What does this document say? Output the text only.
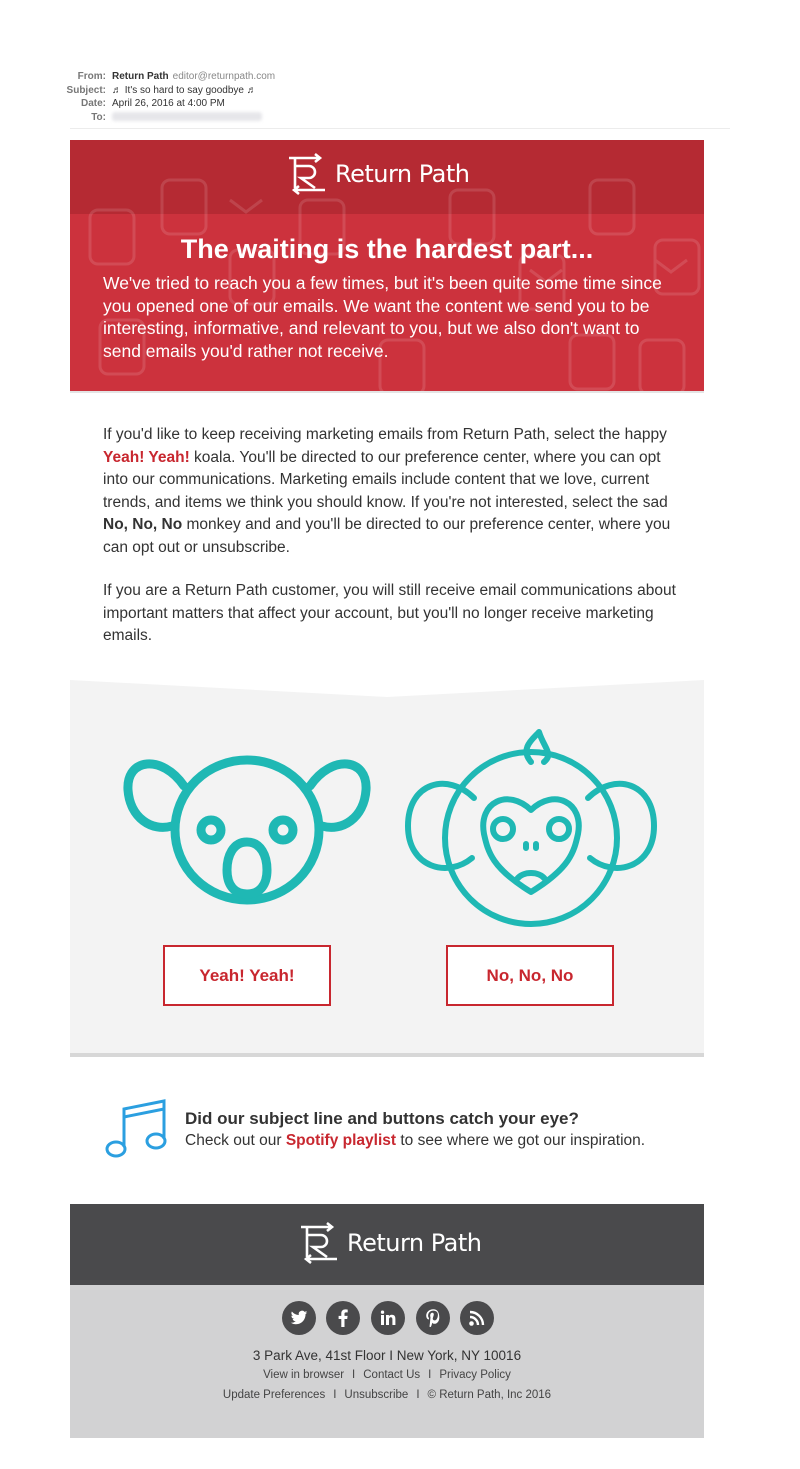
From: Return Path editor@returnpath.com
Subject: ♬ It's so hard to say goodbye ♬
Date: April 26, 2016 at 4:00 PM
To:
Return Path
The waiting is the hardest part...
We've tried to reach you a few times, but it's been quite some time since you opened one of our emails. We want the content we send you to be interesting, informative, and relevant to you, but we also don't want to send emails you'd rather not receive.
If you'd like to keep receiving marketing emails from Return Path, select the happy Yeah! Yeah! koala. You'll be directed to our preference center, where you can opt into our communications. Marketing emails include content that we love, current trends, and items we think you should know. If you're not interested, select the sad No, No, No monkey and and you'll be directed to our preference center, where you can opt out or unsubscribe.
If you are a Return Path customer, you will still receive email communications about important matters that affect your account, but you'll no longer receive marketing emails.
Yeah! Yeah!	No, No, No
Did our subject line and buttons catch your eye?
Check out our Spotify playlist to see where we got our inspiration.
Return Path
3 Park Ave, 41st Floor I New York, NY 10016
View in browser I Contact Us I Privacy Policy
Update Preferences I Unsubscribe I © Return Path, Inc 2016
